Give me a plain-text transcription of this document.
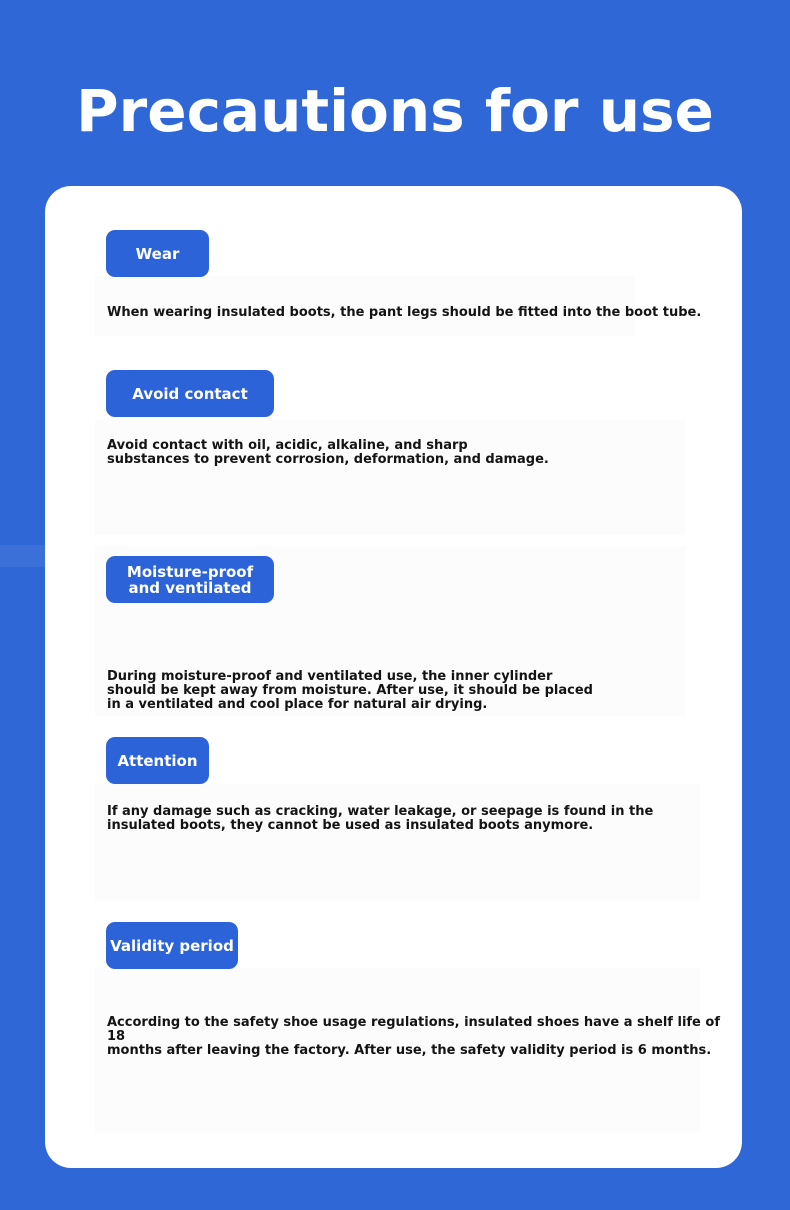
Precautions for use
Wear
When wearing insulated boots, the pant legs should be fitted into the boot tube.
Avoid contact
Avoid contact with oil, acidic, alkaline, and sharp
substances to prevent corrosion, deformation, and damage.
Moisture-proof and ventilated
During moisture-proof and ventilated use, the inner cylinder
should be kept away from moisture. After use, it should be placed
in a ventilated and cool place for natural air drying.
Attention
If any damage such as cracking, water leakage, or seepage is found in the
insulated boots, they cannot be used as insulated boots anymore.
Validity period
According to the safety shoe usage regulations, insulated shoes have a shelf life of 18
months after leaving the factory. After use, the safety validity period is 6 months.
